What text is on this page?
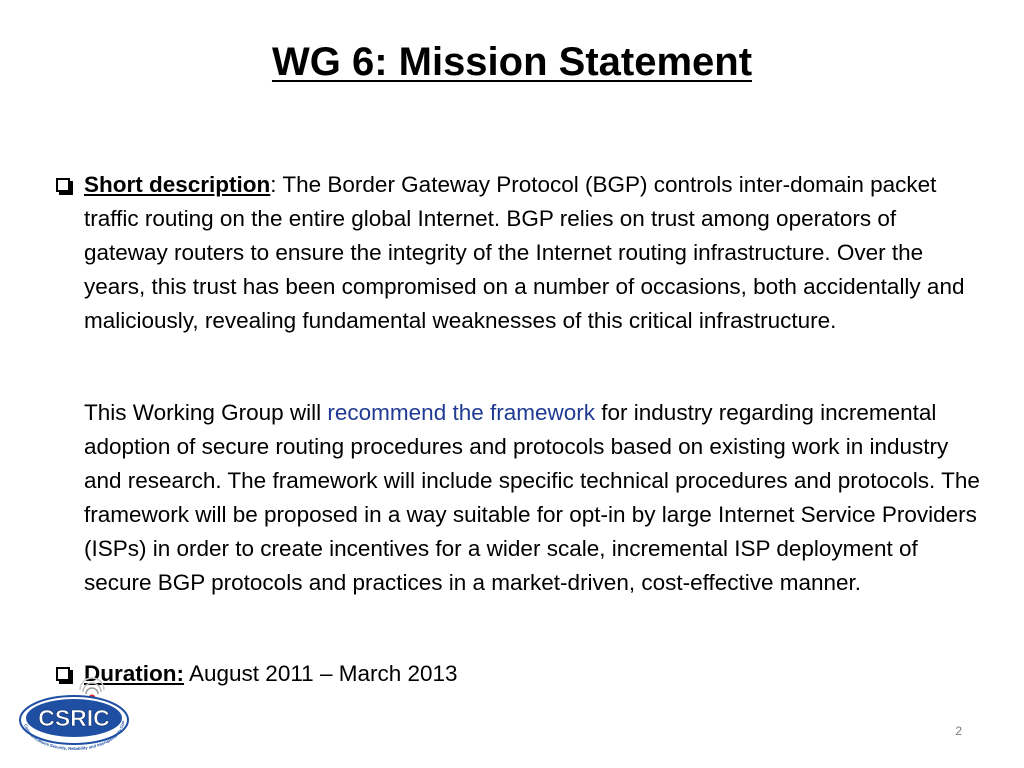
WG 6: Mission Statement
Short description: The Border Gateway Protocol (BGP) controls inter-domain packet traffic routing on the entire global Internet. BGP relies on trust among operators of gateway routers to ensure the integrity of the Internet routing infrastructure. Over the years, this trust has been compromised on a number of occasions, both accidentally and maliciously, revealing fundamental weaknesses of this critical infrastructure.
This Working Group will recommend the framework for industry regarding incremental adoption of secure routing procedures and protocols based on existing work in industry and research. The framework will include specific technical procedures and protocols. The framework will be proposed in a way suitable for opt-in by large Internet Service Providers (ISPs) in order to create incentives for a wider scale, incremental ISP deployment of secure BGP protocols and practices in a market-driven, cost-effective manner.
Duration: August 2011 – March 2013
CSRIC
Communications Security, Reliability and Interoperability Cou
2
